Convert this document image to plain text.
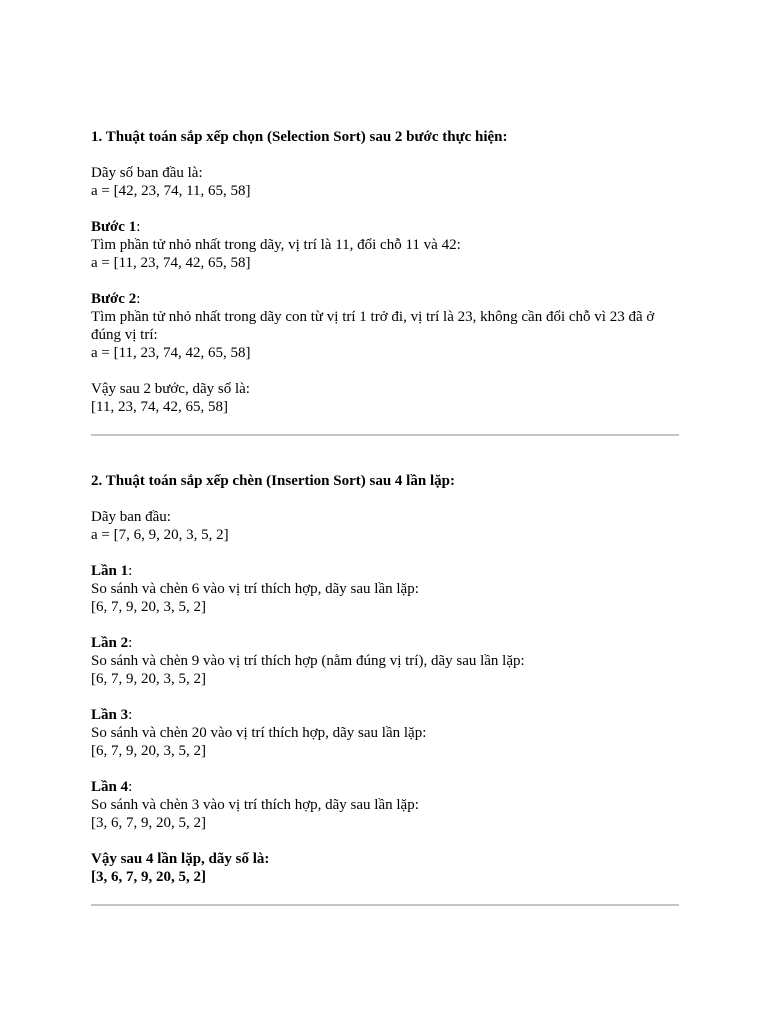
1. Thuật toán sắp xếp chọn (Selection Sort) sau 2 bước thực hiện:

Dãy số ban đầu là:

a = [42, 23, 74, 11, 65, 58]

Bước 1:

Tìm phần tử nhỏ nhất trong dãy, vị trí là 11, đổi chỗ 11 và 42:

a = [11, 23, 74, 42, 65, 58]

Bước 2:

Tìm phần tử nhỏ nhất trong dãy con từ vị trí 1 trở đi, vị trí là 23, không cần đổi chỗ vì 23 đã ở đúng vị trí:

a = [11, 23, 74, 42, 65, 58]

Vậy sau 2 bước, dãy số là:

[11, 23, 74, 42, 65, 58]

2. Thuật toán sắp xếp chèn (Insertion Sort) sau 4 lần lặp:

Dãy ban đầu:

a = [7, 6, 9, 20, 3, 5, 2]

Lần 1:

So sánh và chèn 6 vào vị trí thích hợp, dãy sau lần lặp:

[6, 7, 9, 20, 3, 5, 2]

Lần 2:

So sánh và chèn 9 vào vị trí thích hợp (nằm đúng vị trí), dãy sau lần lặp:

[6, 7, 9, 20, 3, 5, 2]

Lần 3:

So sánh và chèn 20 vào vị trí thích hợp, dãy sau lần lặp:

[6, 7, 9, 20, 3, 5, 2]

Lần 4:

So sánh và chèn 3 vào vị trí thích hợp, dãy sau lần lặp:

[3, 6, 7, 9, 20, 5, 2]

Vậy sau 4 lần lặp, dãy số là:

[3, 6, 7, 9, 20, 5, 2]
